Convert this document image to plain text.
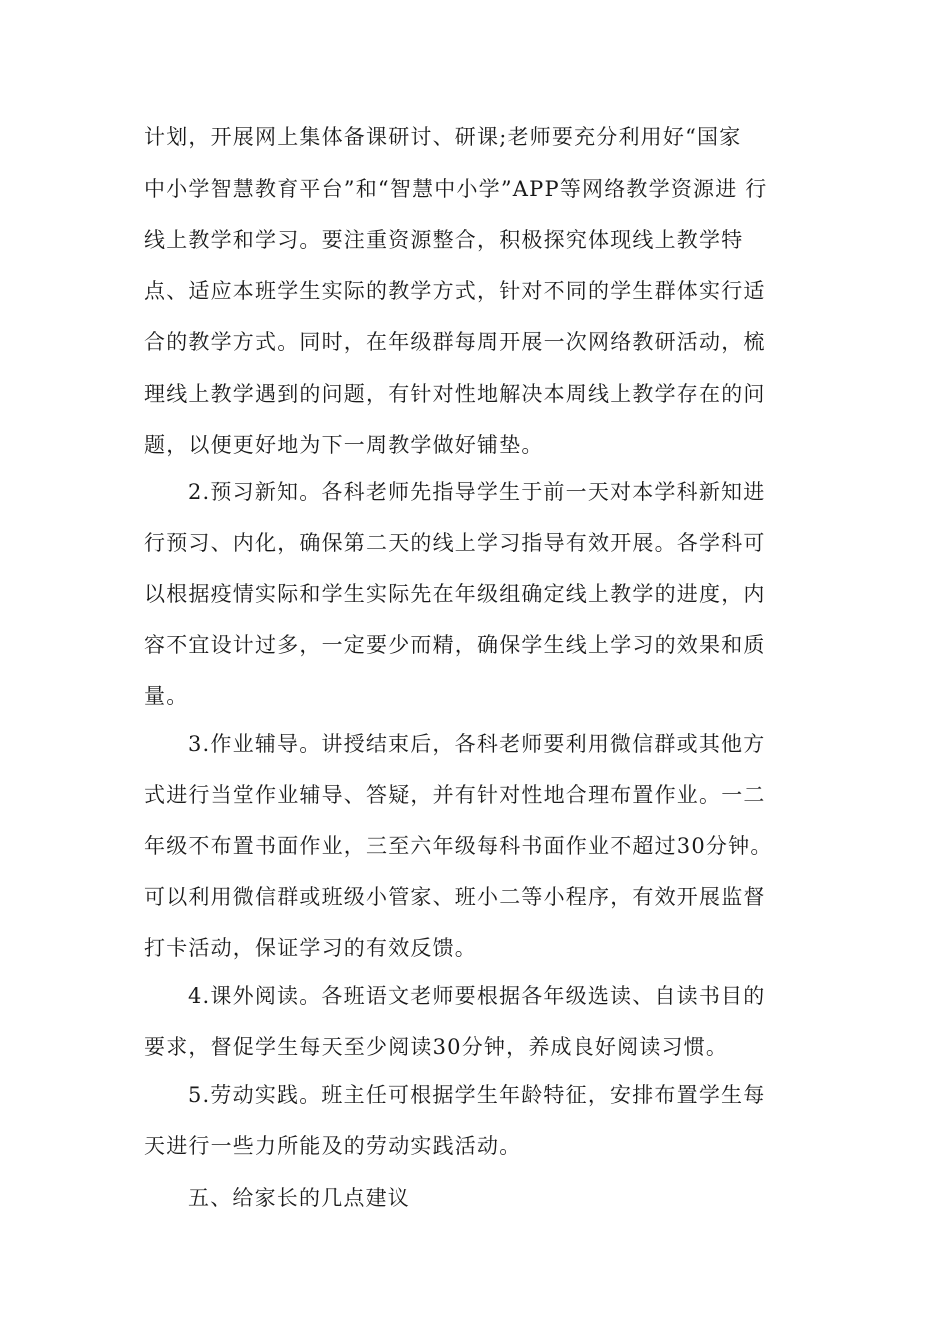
计划，开展网上集体备课研讨、研课;老师要充分利用好“国家
中小学智慧教育平台”和“智慧中小学”APP等网络教学资源进 行
线上教学和学习。要注重资源整合，积极探究体现线上教学特
点、适应本班学生实际的教学方式，针对不同的学生群体实行适
合的教学方式。同时，在年级群每周开展一次网络教研活动，梳
理线上教学遇到的问题，有针对性地解决本周线上教学存在的问
题，以便更好地为下一周教学做好铺垫。
2.预习新知。各科老师先指导学生于前一天对本学科新知进
行预习、内化，确保第二天的线上学习指导有效开展。各学科可
以根据疫情实际和学生实际先在年级组确定线上教学的进度，内
容不宜设计过多，一定要少而精，确保学生线上学习的效果和质
量。
3.作业辅导。讲授结束后，各科老师要利用微信群或其他方
式进行当堂作业辅导、答疑，并有针对性地合理布置作业。一二
年级不布置书面作业，三至六年级每科书面作业不超过30分钟。
可以利用微信群或班级小管家、班小二等小程序，有效开展监督
打卡活动，保证学习的有效反馈。
4.课外阅读。各班语文老师要根据各年级选读、自读书目的
要求，督促学生每天至少阅读30分钟，养成良好阅读习惯。
5.劳动实践。班主任可根据学生年龄特征，安排布置学生每
天进行一些力所能及的劳动实践活动。
五、给家长的几点建议
